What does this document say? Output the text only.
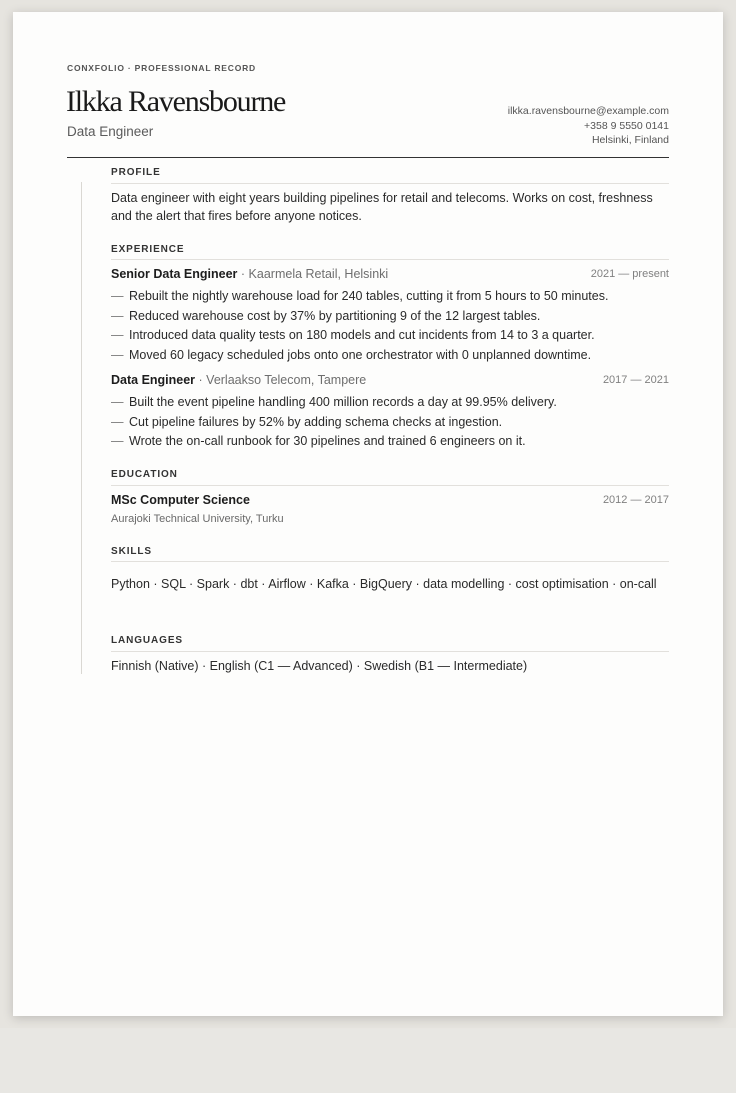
CONXFOLIO · PROFESSIONAL RECORD
Ilkka Ravensbourne
Data Engineer
ilkka.ravensbourne@example.com
+358 9 5550 0141
Helsinki, Finland
PROFILE
Data engineer with eight years building pipelines for retail and telecoms. Works on cost, freshness and the alert that fires before anyone notices.
EXPERIENCE
Senior Data Engineer · Kaarmela Retail, Helsinki	2021 — present
— Rebuilt the nightly warehouse load for 240 tables, cutting it from 5 hours to 50 minutes.
— Reduced warehouse cost by 37% by partitioning 9 of the 12 largest tables.
— Introduced data quality tests on 180 models and cut incidents from 14 to 3 a quarter.
— Moved 60 legacy scheduled jobs onto one orchestrator with 0 unplanned downtime.
Data Engineer · Verlaakso Telecom, Tampere	2017 — 2021
— Built the event pipeline handling 400 million records a day at 99.95% delivery.
— Cut pipeline failures by 52% by adding schema checks at ingestion.
— Wrote the on-call runbook for 30 pipelines and trained 6 engineers on it.
EDUCATION
MSc Computer Science	2012 — 2017
Aurajoki Technical University, Turku
SKILLS
Python · SQL · Spark · dbt · Airflow · Kafka · BigQuery · data modelling · cost optimisation · on-call
LANGUAGES
Finnish (Native) · English (C1 — Advanced) · Swedish (B1 — Intermediate)
